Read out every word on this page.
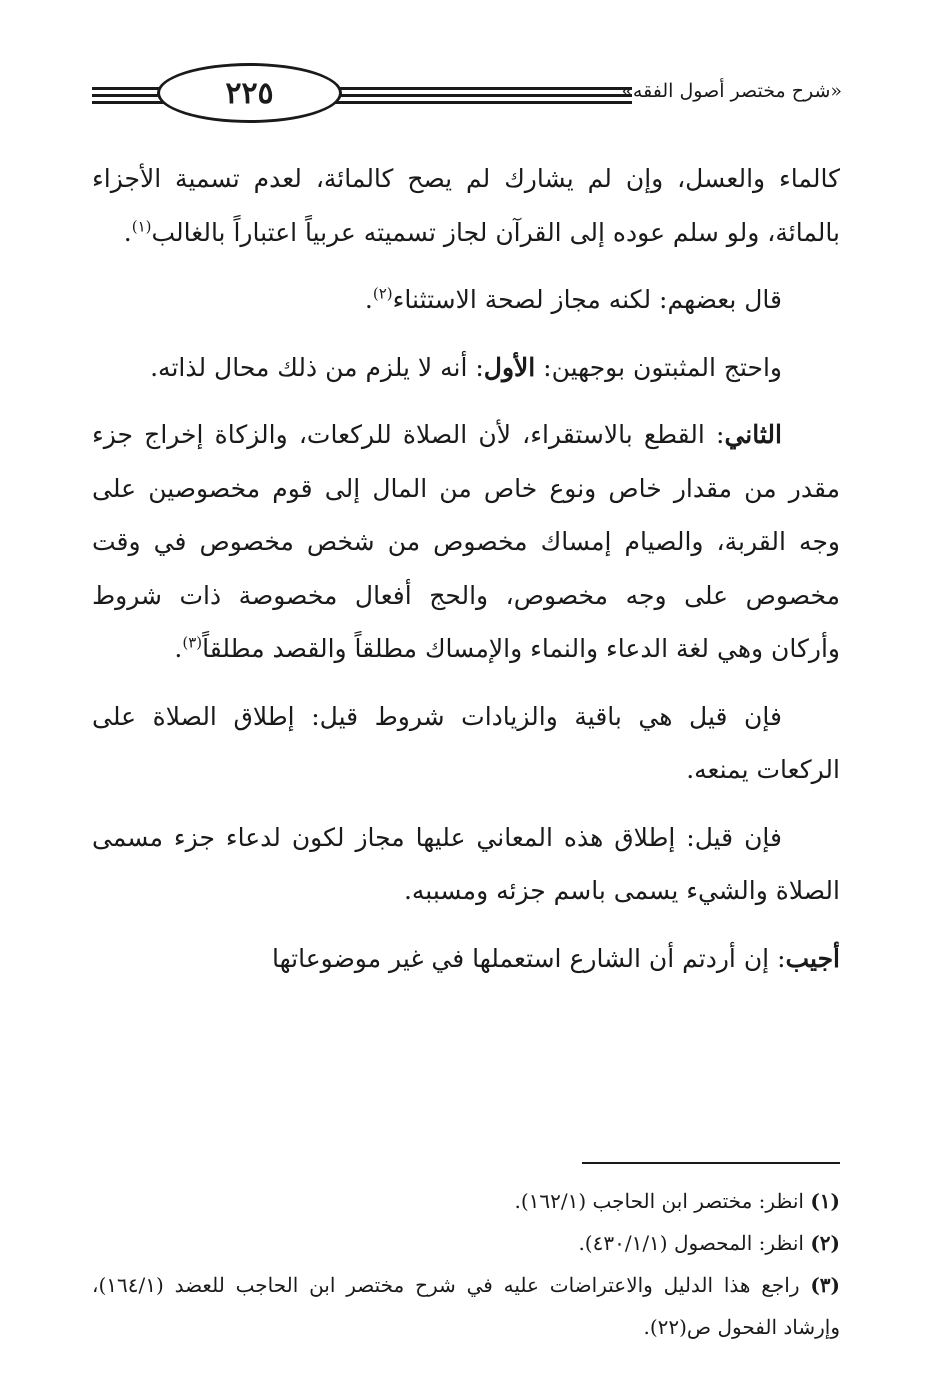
٢٢٥	«شرح مختصر أصول الفقه»

كالماء والعسل، وإن لم يشارك لم يصح كالمائة، لعدم تسمية الأجزاء بالمائة، ولو سلم عوده إلى القرآن لجاز تسميته عربياً اعتباراً بالغالب$^{(١)}$.

قال بعضهم: لكنه مجاز لصحة الاستثناء$^{(٢)}$.

واحتج المثبتون بوجهين: الأول: أنه لا يلزم من ذلك محال لذاته.

الثاني: القطع بالاستقراء، لأن الصلاة للركعات، والزكاة إخراج جزء مقدر من مقدار خاص ونوع خاص من المال إلى قوم مخصوصين على وجه القربة، والصيام إمساك مخصوص من شخص مخصوص في وقت مخصوص على وجه مخصوص، والحج أفعال مخصوصة ذات شروط وأركان وهي لغة الدعاء والنماء والإمساك مطلقاً والقصد مطلقاً$^{(٣)}$.

فإن قيل هي باقية والزيادات شروط قيل: إطلاق الصلاة على الركعات يمنعه.

فإن قيل: إطلاق هذه المعاني عليها مجاز لكون لدعاء جزء مسمى الصلاة والشيء يسمى باسم جزئه ومسببه.

أجيب: إن أردتم أن الشارع استعملها في غير موضوعاتها

(١) انظر: مختصر ابن الحاجب (١٦٢/١).

(٢) انظر: المحصول (٤٣٠/١/١).

(٣) راجع هذا الدليل والاعتراضات عليه في شرح مختصر ابن الحاجب للعضد (١٦٤/١)، وإرشاد الفحول ص(٢٢).
